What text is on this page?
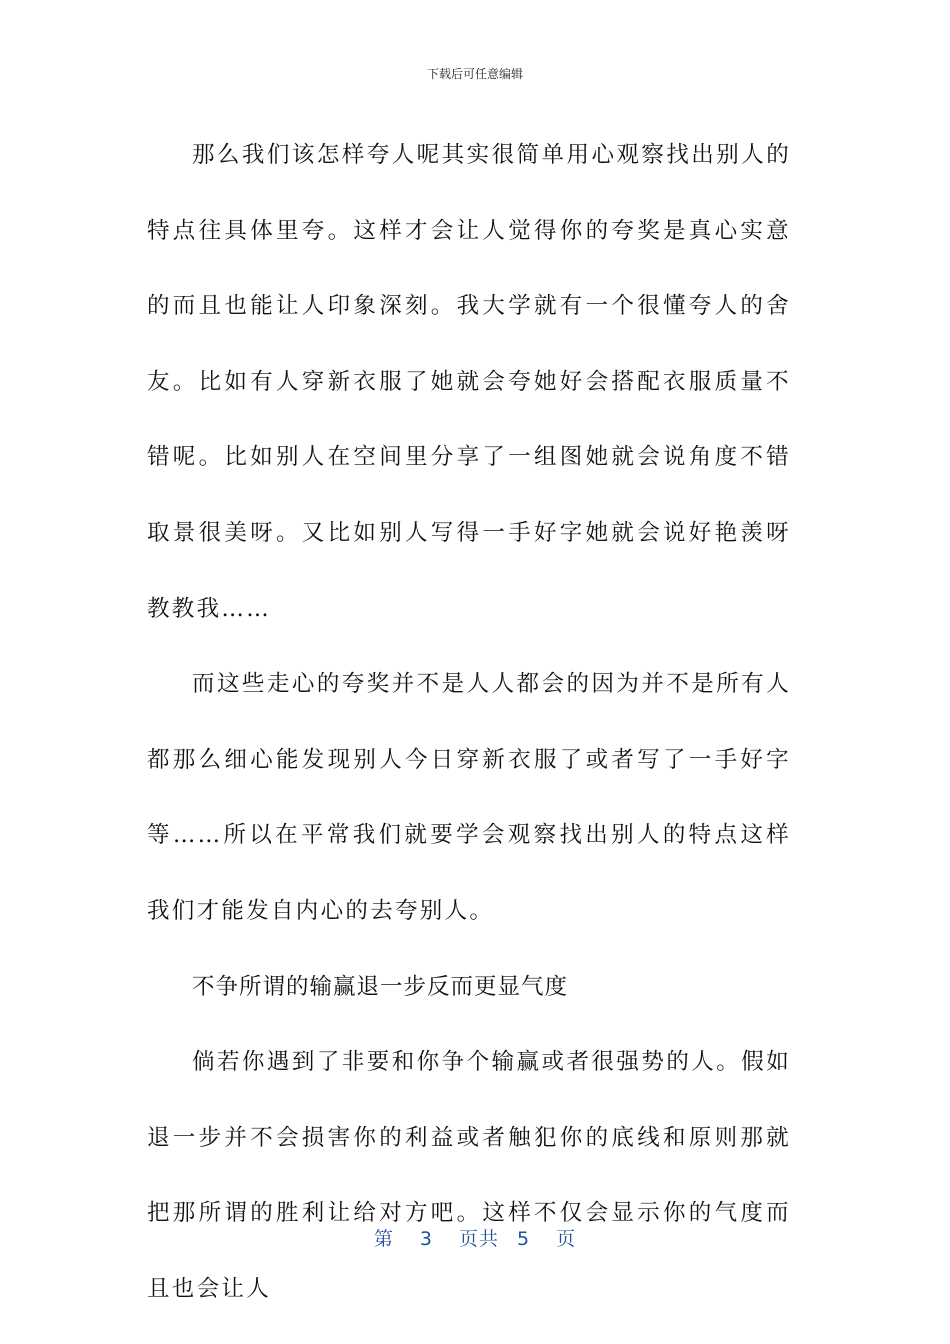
下载后可任意编辑

那么我们该怎样夸人呢其实很简单用心观察找出别人的特点往具体里夸。这样才会让人觉得你的夸奖是真心实意的而且也能让人印象深刻。我大学就有一个很懂夸人的舍友。比如有人穿新衣服了她就会夸她好会搭配衣服质量不错呢。比如别人在空间里分享了一组图她就会说角度不错取景很美呀。又比如别人写得一手好字她就会说好艳羡呀教教我……

而这些走心的夸奖并不是人人都会的因为并不是所有人都那么细心能发现别人今日穿新衣服了或者写了一手好字等……所以在平常我们就要学会观察找出别人的特点这样我们才能发自内心的去夸别人。

不争所谓的输赢退一步反而更显气度

倘若你遇到了非要和你争个输赢或者很强势的人。假如退一步并不会损害你的利益或者触犯你的底线和原则那就把那所谓的胜利让给对方吧。这样不仅会显示你的气度而且也会让人

第 3 页共 5 页
